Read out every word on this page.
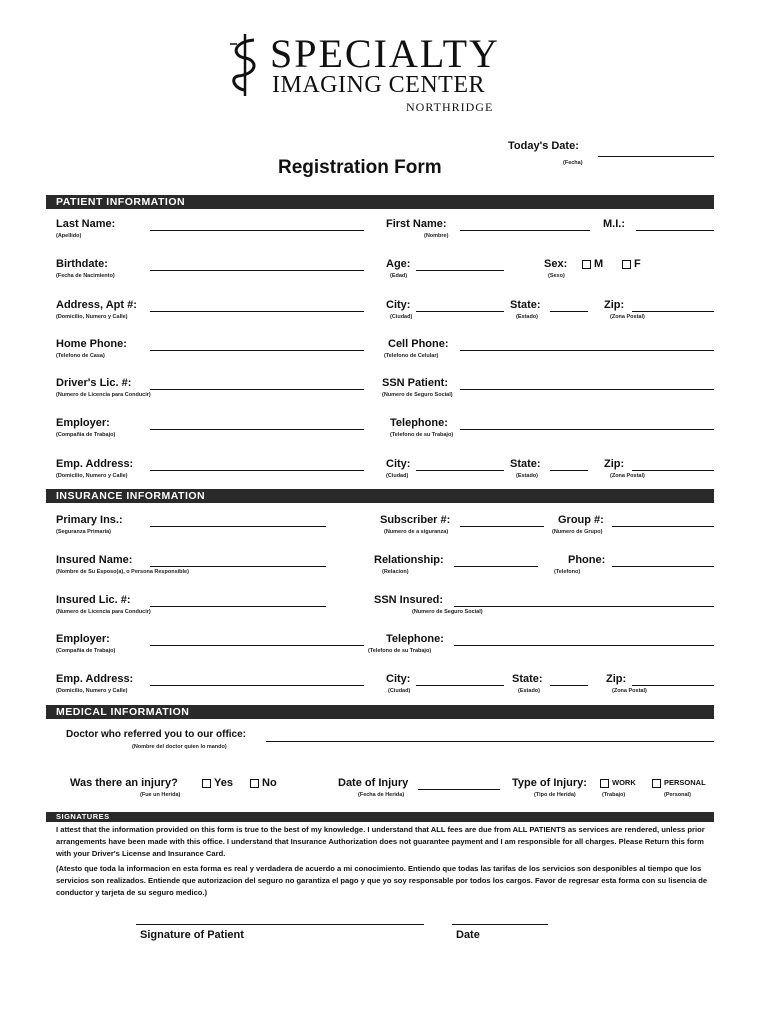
SPECIALTY
IMAGING CENTER
NORTHRIDGE
Today's Date:
(Fecha)
Registration Form
PATIENT INFORMATION
Last Name:
(Apellido)
First Name:
(Nombre)
M.I.:
Birthdate:
(Fecha de Nacimiento)
Age:
(Edad)
Sex:
(Sexo)
M	F
Address, Apt #:
(Domicilio, Numero y Calle)
City:
(Ciudad)
State:
(Estado)
Zip:
(Zona Postal)
Home Phone:
(Telefono de Casa)
Cell Phone:
(Telefono de Celular)
Driver's Lic. #:
(Numero de Licencia para Conducir)
SSN Patient:
(Numero de Seguro Social)
Employer:
(Compañia de Trabajo)
Telephone:
(Telefono de su Trabajo)
Emp. Address:
(Domicilio, Numero y Calle)
City:
(Ciudad)
State:
(Estado)
Zip:
(Zona Postal)
INSURANCE INFORMATION
Primary Ins.:
(Seguranza Primaria)
Subscriber #:
(Numero de a siguranza)
Group #:
(Numero de Grupo)
Insured Name:
(Nombre de Su Esposo(a), o Persona Responsible)
Relationship:
(Relacion)
Phone:
(Telefono)
Insured Lic. #:
(Numero de Licencia para Conducir)
SSN Insured:
(Numero de Seguro Social)
Employer:
(Compañia de Trabajo)
Telephone:
(Telefono de su Trabajo)
Emp. Address:
(Domicilio, Numero y Calle)
City:
(Ciudad)
State:
(Estado)
Zip:
(Zona Postal)
MEDICAL INFORMATION
Doctor who referred you to our office:
(Nombre del doctor quien lo mando)
Was there an injury?
(Fue un Herida)
Yes	No	Date of Injury
(Fecha de Herida)
Type of Injury:
(Tipo de Herida)
WORK
(Trabajo)
PERSONAL
(Personal)
SIGNATURES
I attest that the information provided on this form is true to the best of my knowledge. I understand that ALL fees are due from ALL PATIENTS as services are rendered, unless prior arrangements have been made with this office. I understand that Insurance Authorization does not guarantee payment and I am responsible for all charges. Please Return this form with your Driver's License and Insurance Card.
(Atesto que toda la informacion en esta forma es real y verdadera de acuerdo a mi conocimiento. Entiendo que todas las tarifas de los servicios son desponibles al tiempo que los servicios son realizados. Entiende que autorizacion del seguro no garantiza el pago y que yo soy responsable por todos los cargos. Favor de regresar esta forma con su lisencia de conductor y tarjeta de su seguro medico.)
Signature of Patient	Date
